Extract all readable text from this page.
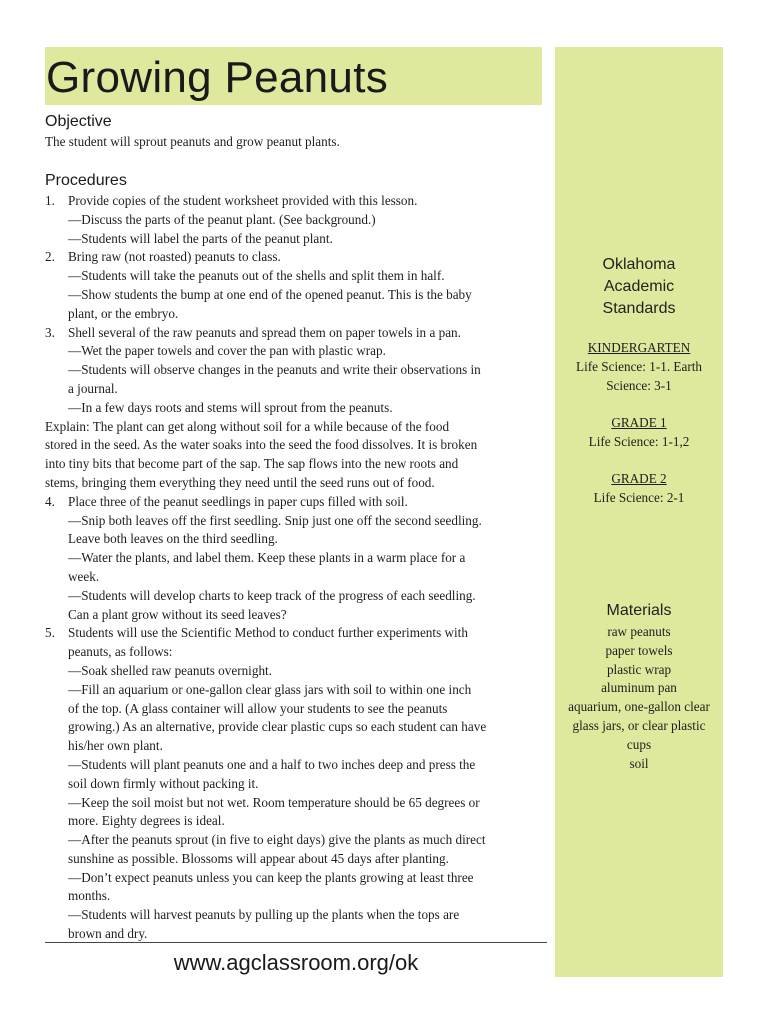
Growing Peanuts
Objective
The student will sprout peanuts and grow peanut plants.
Procedures
1. Provide copies of the student worksheet provided with this lesson.
—Discuss the parts of the peanut plant. (See background.)
—Students will label the parts of the peanut plant.
2. Bring raw (not roasted) peanuts to class.
—Students will take the peanuts out of the shells and split them in half.
—Show students the bump at one end of the opened peanut. This is the baby
plant, or the embryo.
3. Shell several of the raw peanuts and spread them on paper towels in a pan.
—Wet the paper towels and cover the pan with plastic wrap.
—Students will observe changes in the peanuts and write their observations in
a journal.
—In a few days roots and stems will sprout from the peanuts.
Explain: The plant can get along without soil for a while because of the food
stored in the seed. As the water soaks into the seed the food dissolves. It is broken
into tiny bits that become part of the sap. The sap flows into the new roots and
stems, bringing them everything they need until the seed runs out of food.
4. Place three of the peanut seedlings in paper cups filled with soil.
—Snip both leaves off the first seedling. Snip just one off the second seedling.
Leave both leaves on the third seedling.
—Water the plants, and label them. Keep these plants in a warm place for a
week.
—Students will develop charts to keep track of the progress of each seedling.
Can a plant grow without its seed leaves?
5. Students will use the Scientific Method to conduct further experiments with
peanuts, as follows:
—Soak shelled raw peanuts overnight.
—Fill an aquarium or one-gallon clear glass jars with soil to within one inch
of the top. (A glass container will allow your students to see the peanuts
growing.) As an alternative, provide clear plastic cups so each student can have
his/her own plant.
—Students will plant peanuts one and a half to two inches deep and press the
soil down firmly without packing it.
—Keep the soil moist but not wet. Room temperature should be 65 degrees or
more. Eighty degrees is ideal.
—After the peanuts sprout (in five to eight days) give the plants as much direct
sunshine as possible. Blossoms will appear about 45 days after planting.
—Don’t expect peanuts unless you can keep the plants growing at least three
months.
—Students will harvest peanuts by pulling up the plants when the tops are
brown and dry.
www.agclassroom.org/ok
Oklahoma
Academic
Standards
KINDERGARTEN
Life Science: 1-1. Earth
Science: 3-1
GRADE 1
Life Science: 1-1,2
GRADE 2
Life Science: 2-1
Materials
raw peanuts
paper towels
plastic wrap
aluminum pan
aquarium, one-gallon clear
glass jars, or clear plastic
cups
soil
